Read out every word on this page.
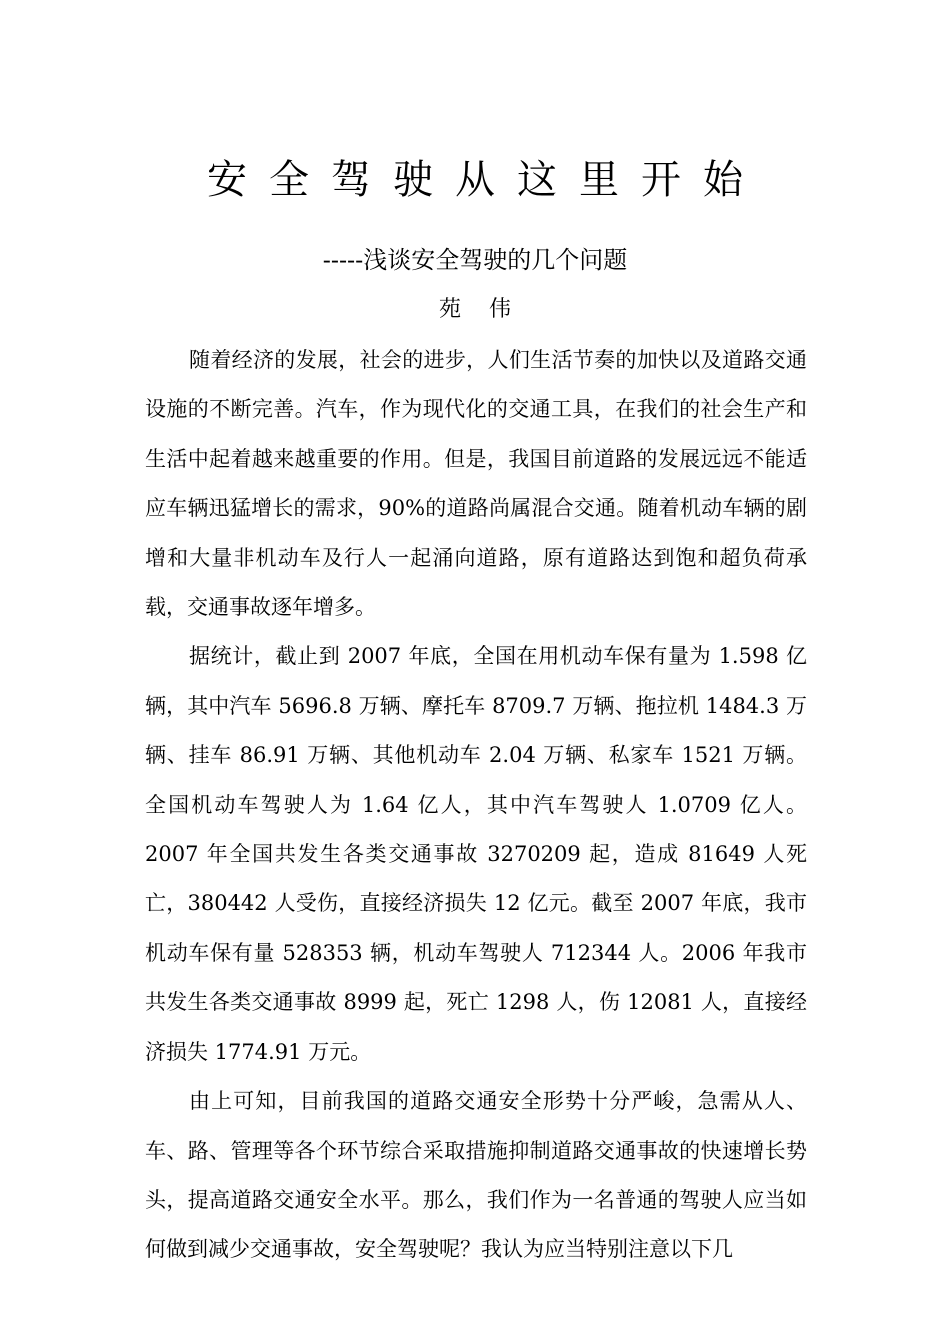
安全驾驶从这里开始
-----浅谈安全驾驶的几个问题
苑伟

随着经济的发展，社会的进步，人们生活节奏的加快以及道路交通设施的不断完善。汽车，作为现代化的交通工具，在我们的社会生产和生活中起着越来越重要的作用。但是，我国目前道路的发展远远不能适应车辆迅猛增长的需求，90%的道路尚属混合交通。随着机动车辆的剧增和大量非机动车及行人一起涌向道路，原有道路达到饱和超负荷承载，交通事故逐年增多。

据统计，截止到 2007 年底，全国在用机动车保有量为 1.598 亿辆，其中汽车 5696.8 万辆、摩托车 8709.7 万辆、拖拉机 1484.3 万辆、挂车 86.91 万辆、其他机动车 2.04 万辆、私家车 1521 万辆。全国机动车驾驶人为 1.64 亿人，其中汽车驾驶人 1.0709 亿人。2007 年全国共发生各类交通事故 3270209 起，造成 81649 人死亡，380442 人受伤，直接经济损失 12 亿元。截至 2007 年底，我市机动车保有量 528353 辆，机动车驾驶人 712344 人。2006 年我市共发生各类交通事故 8999 起，死亡 1298 人，伤 12081 人，直接经济损失 1774.91 万元。

由上可知，目前我国的道路交通安全形势十分严峻，急需从人、车、路、管理等各个环节综合采取措施抑制道路交通事故的快速增长势头，提高道路交通安全水平。那么，我们作为一名普通的驾驶人应当如何做到减少交通事故，安全驾驶呢？我认为应当特别注意以下几
